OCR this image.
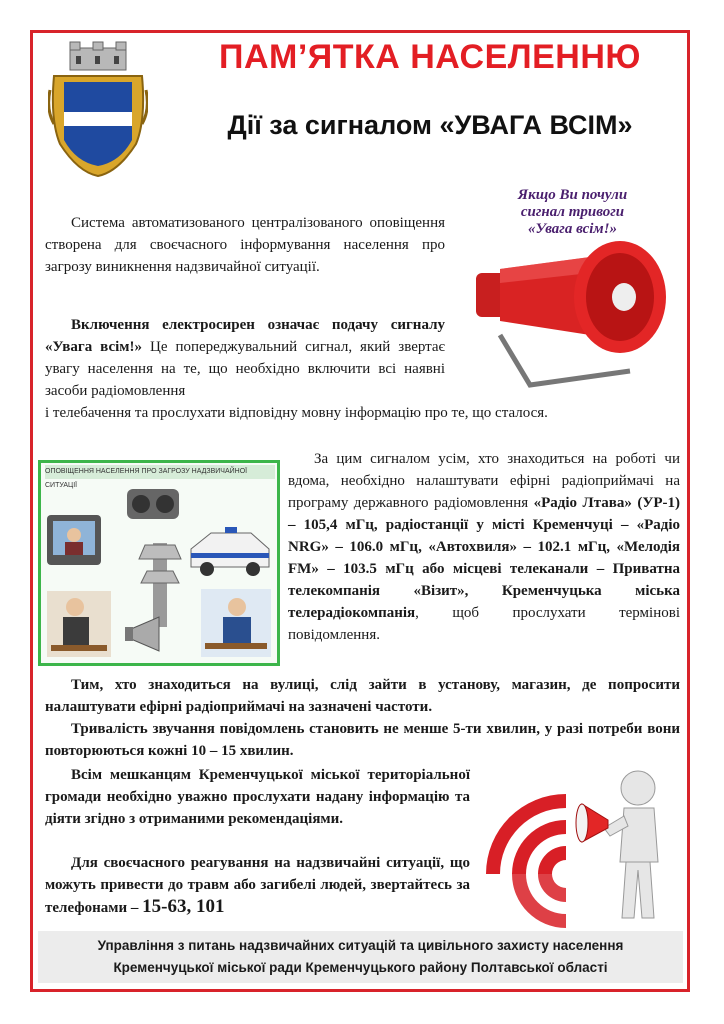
ПАМ’ЯТКА НАСЕЛЕННЮ
Дії за сигналом «УВАГА ВСІМ»
Якщо Ви почули
сигнал тривоги
«Увага всім!»

Система автоматизованого централізованого оповіщення створена для своєчасного інформування населення про загрозу виникнення надзвичайної ситуації.

Включення електросирен означає подачу сигналу «Увага всім!» Це попереджувальний сигнал, який звертає увагу населення на те, що необхідно включити всі наявні засоби радіомовлення

і телебачення та прослухати відповідну мовну інформацію про те, що сталося.

ОПОВІЩЕННЯ НАСЕЛЕННЯ ПРО ЗАГРОЗУ НАДЗВИЧАЙНОЇ СИТУАЦІЇ

За цим сигналом усім, хто знаходиться на роботі чи вдома, необхідно налаштувати ефірні радіоприймачі на програму державного радіомовлення «Радіо Лтава» (УР-1) – 105,4 мГц, радіостанції у місті Кременчуці – «Радіо NRG» – 106.0 мГц, «Автохвиля» – 102.1 мГц, «Мелодія FM» – 103.5 мГц або місцеві телеканали – Приватна телекомпанія «Візит», Кременчуцька міська телерадіокомпанія, щоб прослухати термінові повідомлення.

Тим, хто знаходиться на вулиці, слід зайти в установу, магазин, де попросити налаштувати ефірні радіоприймачі на зазначені частоти.

Тривалість звучання повідомлень становить не менше 5-ти хвилин, у разі потреби вони повторюються кожні 10 – 15 хвилин.

Всім мешканцям Кременчуцької міської територіальної громади необхідно уважно прослухати надану інформацію та діяти згідно з отриманими рекомендаціями.

Для своєчасного реагування на надзвичайні ситуації, що можуть привести до травм або загибелі людей, звертайтесь за телефонами – 15-63, 101

Управління з питань надзвичайних ситуацій та цивільного захисту населення
Кременчуцької міської ради Кременчуцького району Полтавської області
